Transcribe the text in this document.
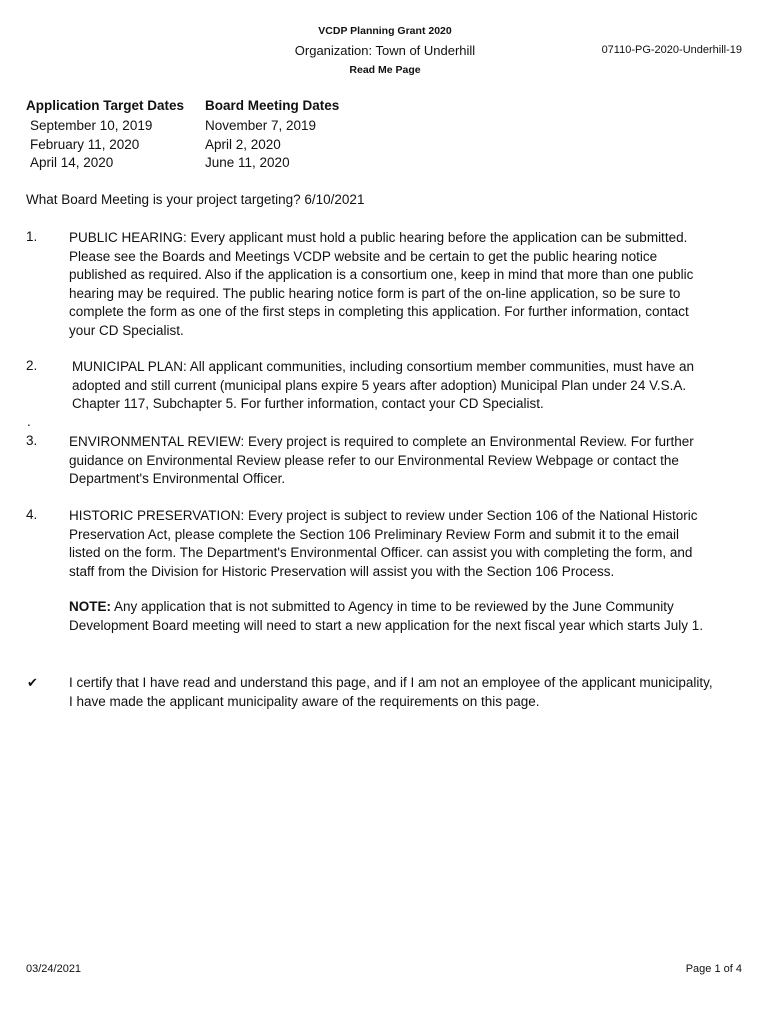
VCDP Planning Grant 2020
Organization: Town of Underhill
Read Me Page
07110-PG-2020-Underhill-19
Application Target Dates Board Meeting Dates
September 10, 2019
February 11, 2020
April 14, 2020
November 7, 2019
April 2, 2020
June 11, 2020
What Board Meeting is your project targeting? 6/10/2021
1. PUBLIC HEARING: Every applicant must hold a public hearing before the application can be submitted. Please see the Boards and Meetings VCDP website and be certain to get the public hearing notice published as required. Also if the application is a consortium one, keep in mind that more than one public hearing may be required. The public hearing notice form is part of the on-line application, so be sure to complete the form as one of the first steps in completing this application. For further information, contact your CD Specialist.
2.	MUNICIPAL PLAN: All applicant communities, including consortium member communities, must have an adopted and still current (municipal plans expire 5 years after adoption) Municipal Plan under 24 V.S.A. Chapter 117, Subchapter 5. For further information, contact your CD Specialist.
.
3. ENVIRONMENTAL REVIEW: Every project is required to complete an Environmental Review. For further guidance on Environmental Review please refer to our Environmental Review Webpage or contact the Department's Environmental Officer.
4. HISTORIC PRESERVATION: Every project is subject to review under Section 106 of the National Historic Preservation Act, please complete the Section 106 Preliminary Review Form and submit it to the email listed on the form. The Department's Environmental Officer. can assist you with completing the form, and staff from the Division for Historic Preservation will assist you with the Section 106 Process.
NOTE: Any application that is not submitted to Agency in time to be reviewed by the June Community Development Board meeting will need to start a new application for the next fiscal year which starts July 1.
✔ I certify that I have read and understand this page, and if I am not an employee of the applicant municipality, I have made the applicant municipality aware of the requirements on this page.
03/24/2021	Page 1 of 4
